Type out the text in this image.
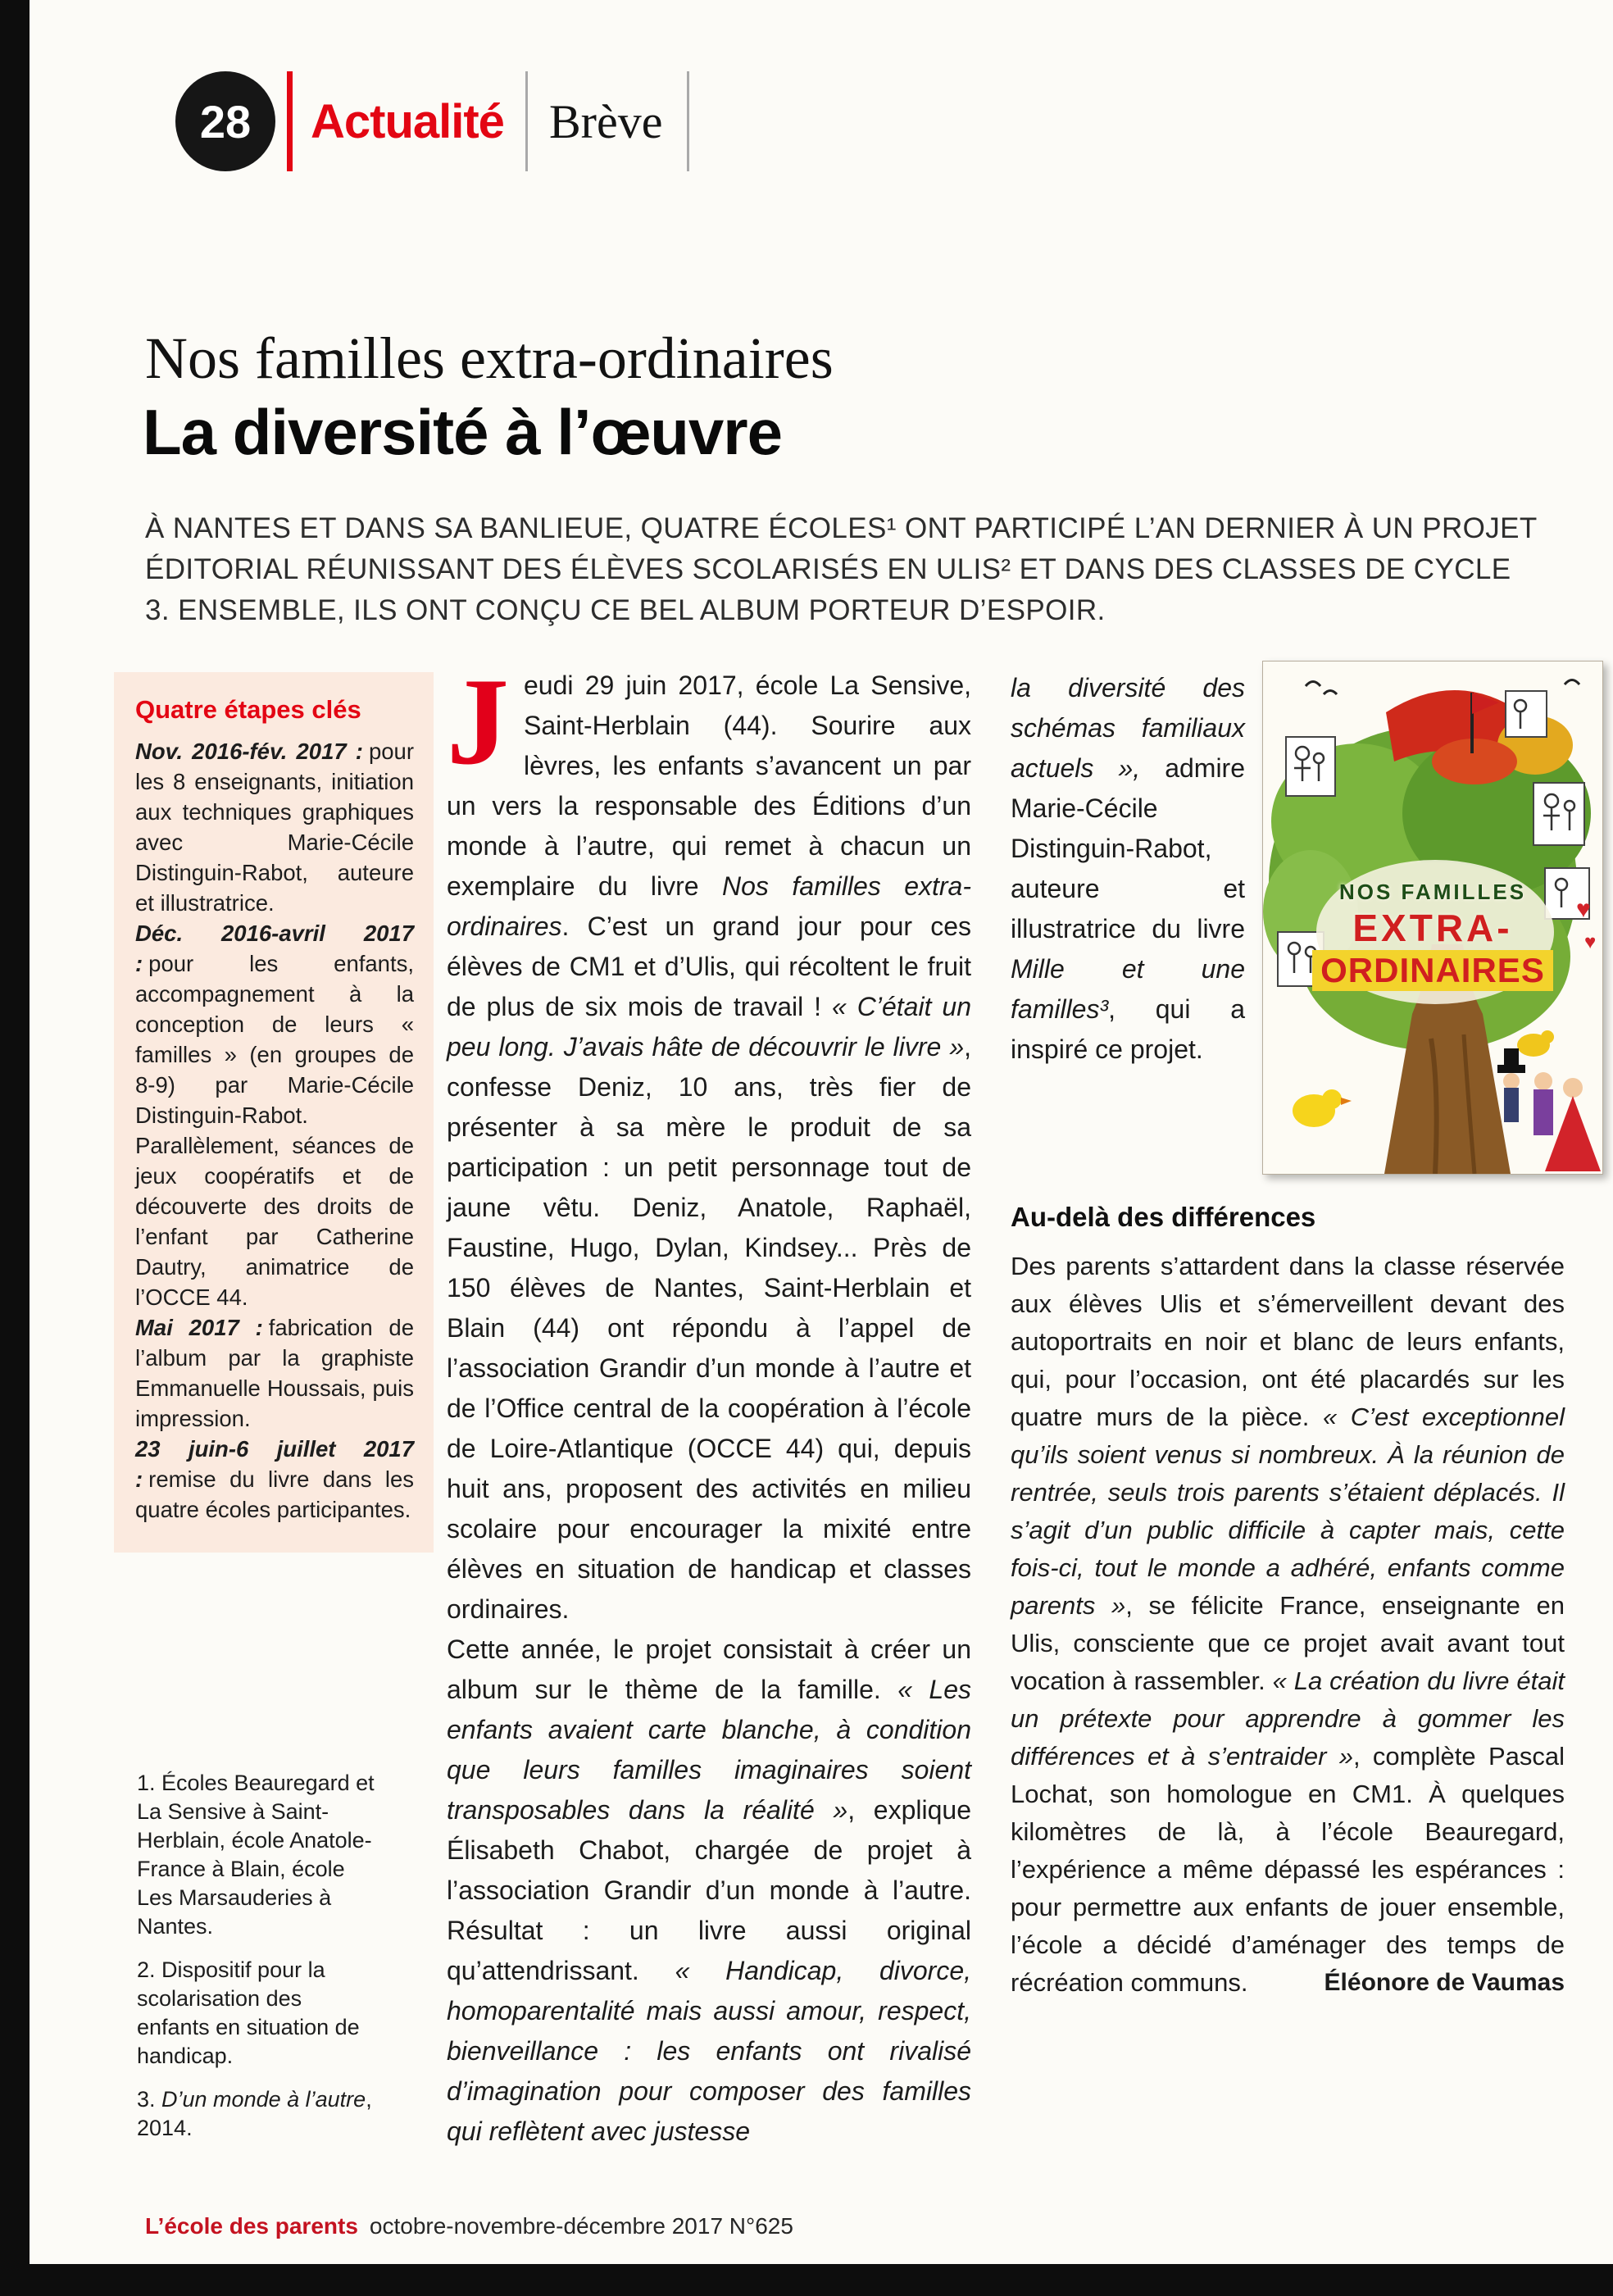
28	Actualité Brève
Nos familles extra-ordinaires
La diversité à l’œuvre
À NANTES ET DANS SA BANLIEUE, QUATRE ÉCOLES¹ ONT PARTICIPÉ L’AN DERNIER À UN PROJET ÉDITORIAL RÉUNISSANT DES ÉLÈVES SCOLARISÉS EN ULIS² ET DANS DES CLASSES DE CYCLE 3. ENSEMBLE, ILS ONT CONÇU CE BEL ALBUM PORTEUR D’ESPOIR.
Quatre étapes clés
Nov. 2016-fév. 2017 : pour les 8 enseignants, initiation aux techniques graphiques avec Marie-Cécile Distinguin-Rabot, auteure et illustratrice.
Déc. 2016-avril 2017 : pour les enfants, accompagnement à la conception de leurs « familles » (en groupes de 8-9) par Marie-Cécile Distinguin-Rabot. Parallèlement, séances de jeux coopératifs et de découverte des droits de l’enfant par Catherine Dautry, animatrice de l’OCCE 44.
Mai 2017 : fabrication de l’album par la graphiste Emmanuelle Houssais, puis impression.
23 juin-6 juillet 2017 : remise du livre dans les quatre écoles participantes.

1. Écoles Beauregard et La Sensive à Saint-Herblain, école Anatole-France à Blain, école Les Marsauderies à Nantes.

2. Dispositif pour la scolarisation des enfants en situation de handicap.

3. D’un monde à l’autre, 2014.

Jeudi 29 juin 2017, école La Sensive, Saint-Herblain (44). Sourire aux lèvres, les enfants s’avancent un par un vers la responsable des Éditions d’un monde à l’autre, qui remet à chacun un exemplaire du livre Nos familles extra-ordinaires. C’est un grand jour pour ces élèves de CM1 et d’Ulis, qui récoltent le fruit de plus de six mois de travail ! « C’était un peu long. J’avais hâte de découvrir le livre », confesse Deniz, 10 ans, très fier de présenter à sa mère le produit de sa participation : un petit personnage tout de jaune vêtu. Deniz, Anatole, Raphaël, Faustine, Hugo, Dylan, Kindsey... Près de 150 élèves de Nantes, Saint-Herblain et Blain (44) ont répondu à l’appel de l’association Grandir d’un monde à l’autre et de l’Office central de la coopération à l’école de Loire-Atlantique (OCCE 44) qui, depuis huit ans, proposent des activités en milieu scolaire pour encourager la mixité entre élèves en situation de handicap et classes ordinaires.

Cette année, le projet consistait à créer un album sur le thème de la famille. « Les enfants avaient carte blanche, à condition que leurs familles imaginaires soient transposables dans la réalité », explique Élisabeth Chabot, chargée de projet à l’association Grandir d’un monde à l’autre. Résultat : un livre aussi original qu’attendrissant. « Handicap, divorce, homoparentalité mais aussi amour, respect, bienveillance : les enfants ont rivalisé d’imagination pour composer des familles qui reflètent avec justesse

la diversité des schémas familiaux actuels », admire Marie-Cécile Distinguin-Rabot, auteure et illustratrice du livre Mille et une familles³, qui a inspiré ce projet.

♥
♥
NOS FAMILLES
EXTRA-
ORDINAIRES
Au-delà des différences

Des parents s’attardent dans la classe réservée aux élèves Ulis et s’émerveillent devant des autoportraits en noir et blanc de leurs enfants, qui, pour l’occasion, ont été placardés sur les quatre murs de la pièce. « C’est exceptionnel qu’ils soient venus si nombreux. À la réunion de rentrée, seuls trois parents s’étaient déplacés. Il s’agit d’un public difficile à capter mais, cette fois-ci, tout le monde a adhéré, enfants comme parents », se félicite France, enseignante en Ulis, consciente que ce projet avait avant tout vocation à rassembler. « La création du livre était un prétexte pour apprendre à gommer les différences et à s’entraider », complète Pascal Lochat, son homologue en CM1. À quelques kilomètres de là, à l’école Beauregard, l’expérience a même dépassé les espérances : pour permettre aux enfants de jouer ensemble, l’école a décidé d’aménager des temps de récréation communs.	Éléonore de Vaumas

L’école des parents octobre-novembre-décembre 2017 N°625
